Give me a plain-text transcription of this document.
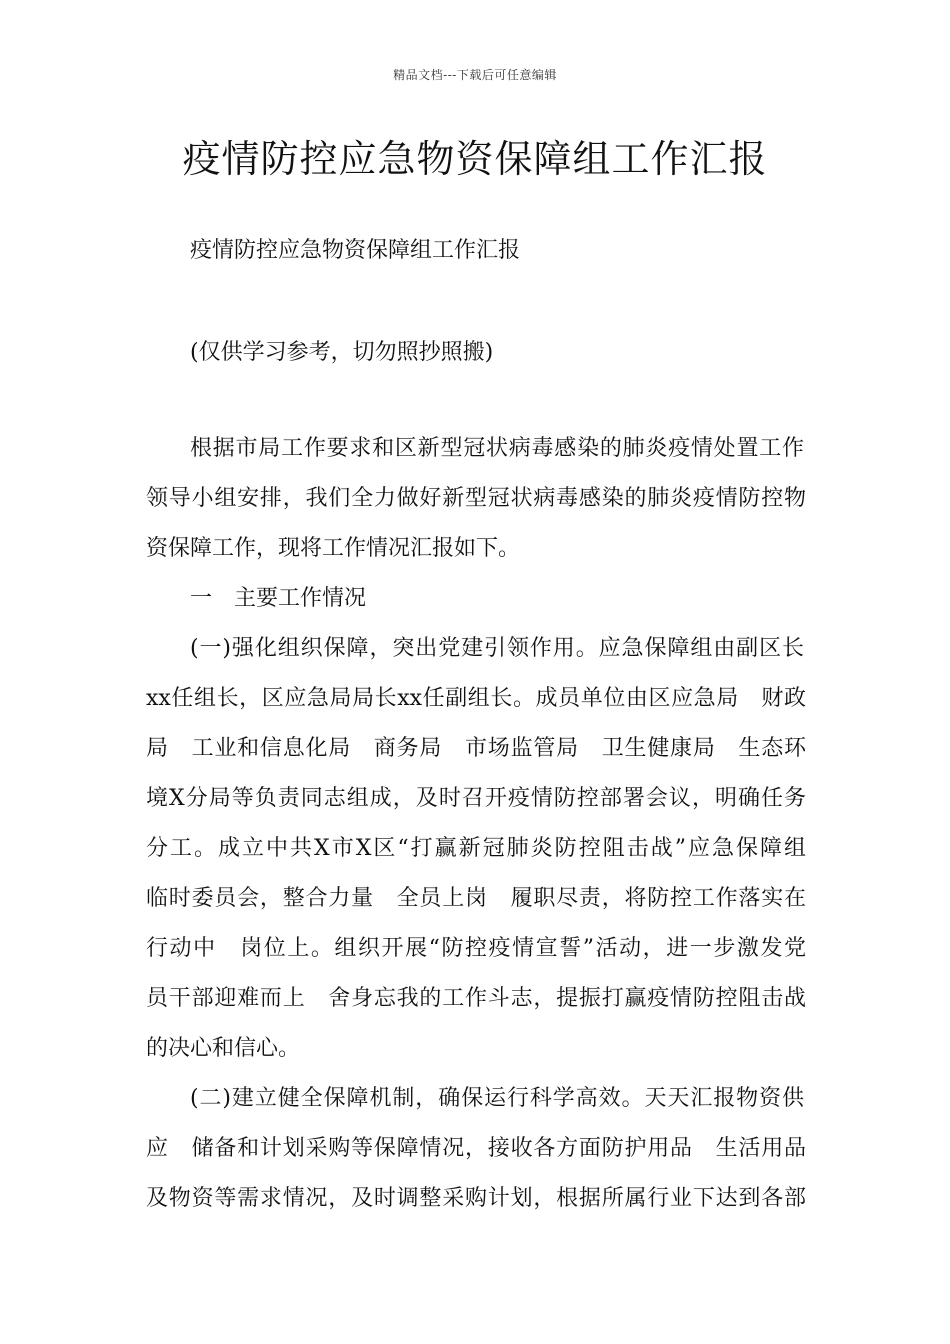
精品文档---下载后可任意编辑
疫情防控应急物资保障组工作汇报
疫情防控应急物资保障组工作汇报
(仅供学习参考，切勿照抄照搬)
根据市局工作要求和区新型冠状病毒感染的肺炎疫情处置工作
领导小组安排，我们全力做好新型冠状病毒感染的肺炎疫情防控物
资保障工作，现将工作情况汇报如下。
一　主要工作情况
(一)强化组织保障，突出党建引领作用。应急保障组由副区长
xx任组长，区应急局局长xx任副组长。成员单位由区应急局　财政
局　工业和信息化局　商务局　市场监管局　卫生健康局　生态环
境X分局等负责同志组成，及时召开疫情防控部署会议，明确任务
分工。成立中共X市X区“打赢新冠肺炎防控阻击战”应急保障组
临时委员会，整合力量　全员上岗　履职尽责，将防控工作落实在
行动中　岗位上。组织开展“防控疫情宣誓”活动，进一步激发党
员干部迎难而上　舍身忘我的工作斗志，提振打赢疫情防控阻击战
的决心和信心。
(二)建立健全保障机制，确保运行科学高效。天天汇报物资供
应　储备和计划采购等保障情况，接收各方面防护用品　生活用品
及物资等需求情况，及时调整采购计划，根据所属行业下达到各部
